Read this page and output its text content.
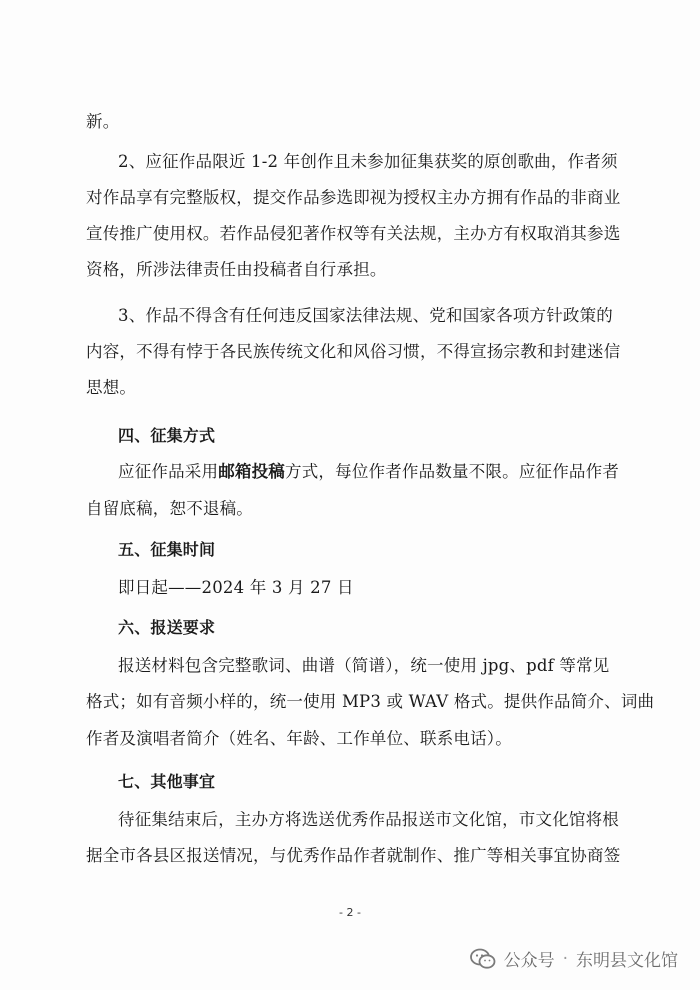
新。
2、应征作品限近 1-2 年创作且未参加征集获奖的原创歌曲，作者须
对作品享有完整版权，提交作品参选即视为授权主办方拥有作品的非商业
宣传推广使用权。若作品侵犯著作权等有关法规，主办方有权取消其参选
资格，所涉法律责任由投稿者自行承担。
3、作品不得含有任何违反国家法律法规、党和国家各项方针政策的
内容，不得有悖于各民族传统文化和风俗习惯，不得宣扬宗教和封建迷信
思想。
四、征集方式
应征作品采用邮箱投稿方式，每位作者作品数量不限。应征作品作者
自留底稿，恕不退稿。
五、征集时间
即日起——2024 年 3 月 27 日
六、报送要求
报送材料包含完整歌词、曲谱（简谱），统一使用 jpg、pdf 等常见
格式；如有音频小样的，统一使用 MP3 或 WAV 格式。提供作品简介、词曲
作者及演唱者简介（姓名、年龄、工作单位、联系电话）。
七、其他事宜
待征集结束后，主办方将选送优秀作品报送市文化馆，市文化馆将根
据全市各县区报送情况，与优秀作品作者就制作、推广等相关事宜协商签
- 2 -
公众号 · 东明县文化馆
